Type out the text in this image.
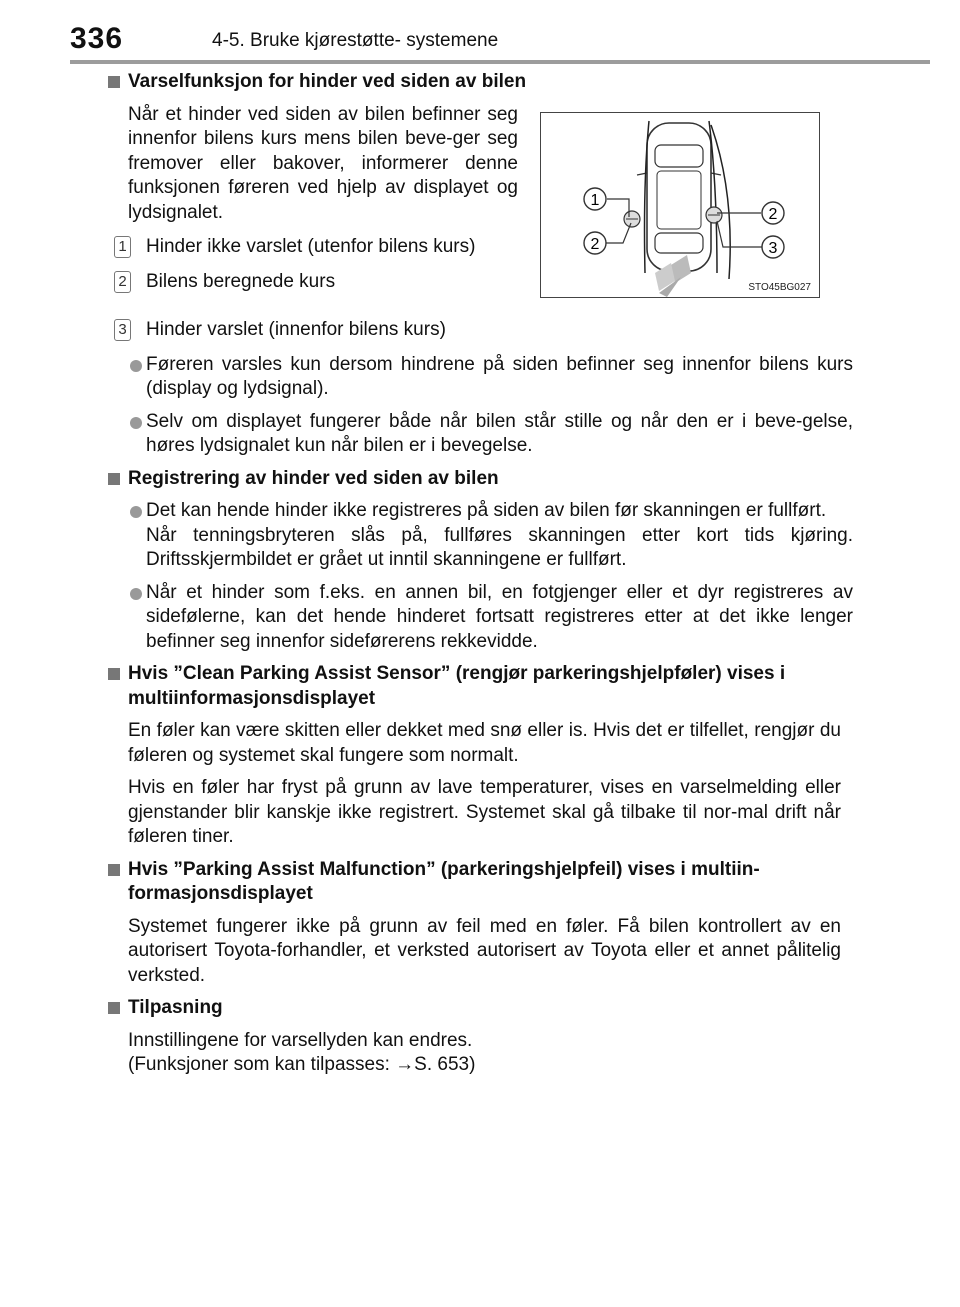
336	4-5. Bruke kjørestøtte- systemene
1
2
2
3
STO45BG027
Varselfunksjon for hinder ved siden av bilen
Når et hinder ved siden av bilen befinner seg innenfor bilens kurs mens bilen beve-ger seg fremover eller bakover, informerer denne funksjonen føreren ved hjelp av displayet og lydsignalet.
1 Hinder ikke varslet (utenfor bilens kurs)
2 Bilens beregnede kurs
3 Hinder varslet (innenfor bilens kurs)
Føreren varsles kun dersom hindrene på siden befinner seg innenfor bilens kurs (display og lydsignal).
Selv om displayet fungerer både når bilen står stille og når den er i beve-gelse, høres lydsignalet kun når bilen er i bevegelse.
Registrering av hinder ved siden av bilen
Det kan hende hinder ikke registreres på siden av bilen før skanningen er fullført.
Når tenningsbryteren slås på, fullføres skanningen etter kort tids kjøring. Driftsskjermbildet er grået ut inntil skanningene er fullført.
Når et hinder som f.eks. en annen bil, en fotgjenger eller et dyr registreres av sidefølerne, kan det hende hinderet fortsatt registreres etter at det ikke lenger befinner seg innenfor sideførerens rekkevidde.
Hvis ”Clean Parking Assist Sensor” (rengjør parkeringshjelpføler) vises i multiinformasjonsdisplayet
En føler kan være skitten eller dekket med snø eller is. Hvis det er tilfellet, rengjør du føleren og systemet skal fungere som normalt.
Hvis en føler har fryst på grunn av lave temperaturer, vises en varselmelding eller gjenstander blir kanskje ikke registrert. Systemet skal gå tilbake til nor-mal drift når føleren tiner.
Hvis ”Parking Assist Malfunction” (parkeringshjelpfeil) vises i multiin-formasjonsdisplayet
Systemet fungerer ikke på grunn av feil med en føler. Få bilen kontrollert av en autorisert Toyota-forhandler, et verksted autorisert av Toyota eller et annet pålitelig verksted.
Tilpasning
Innstillingene for varsellyden kan endres.
(Funksjoner som kan tilpasses: →S. 653)
